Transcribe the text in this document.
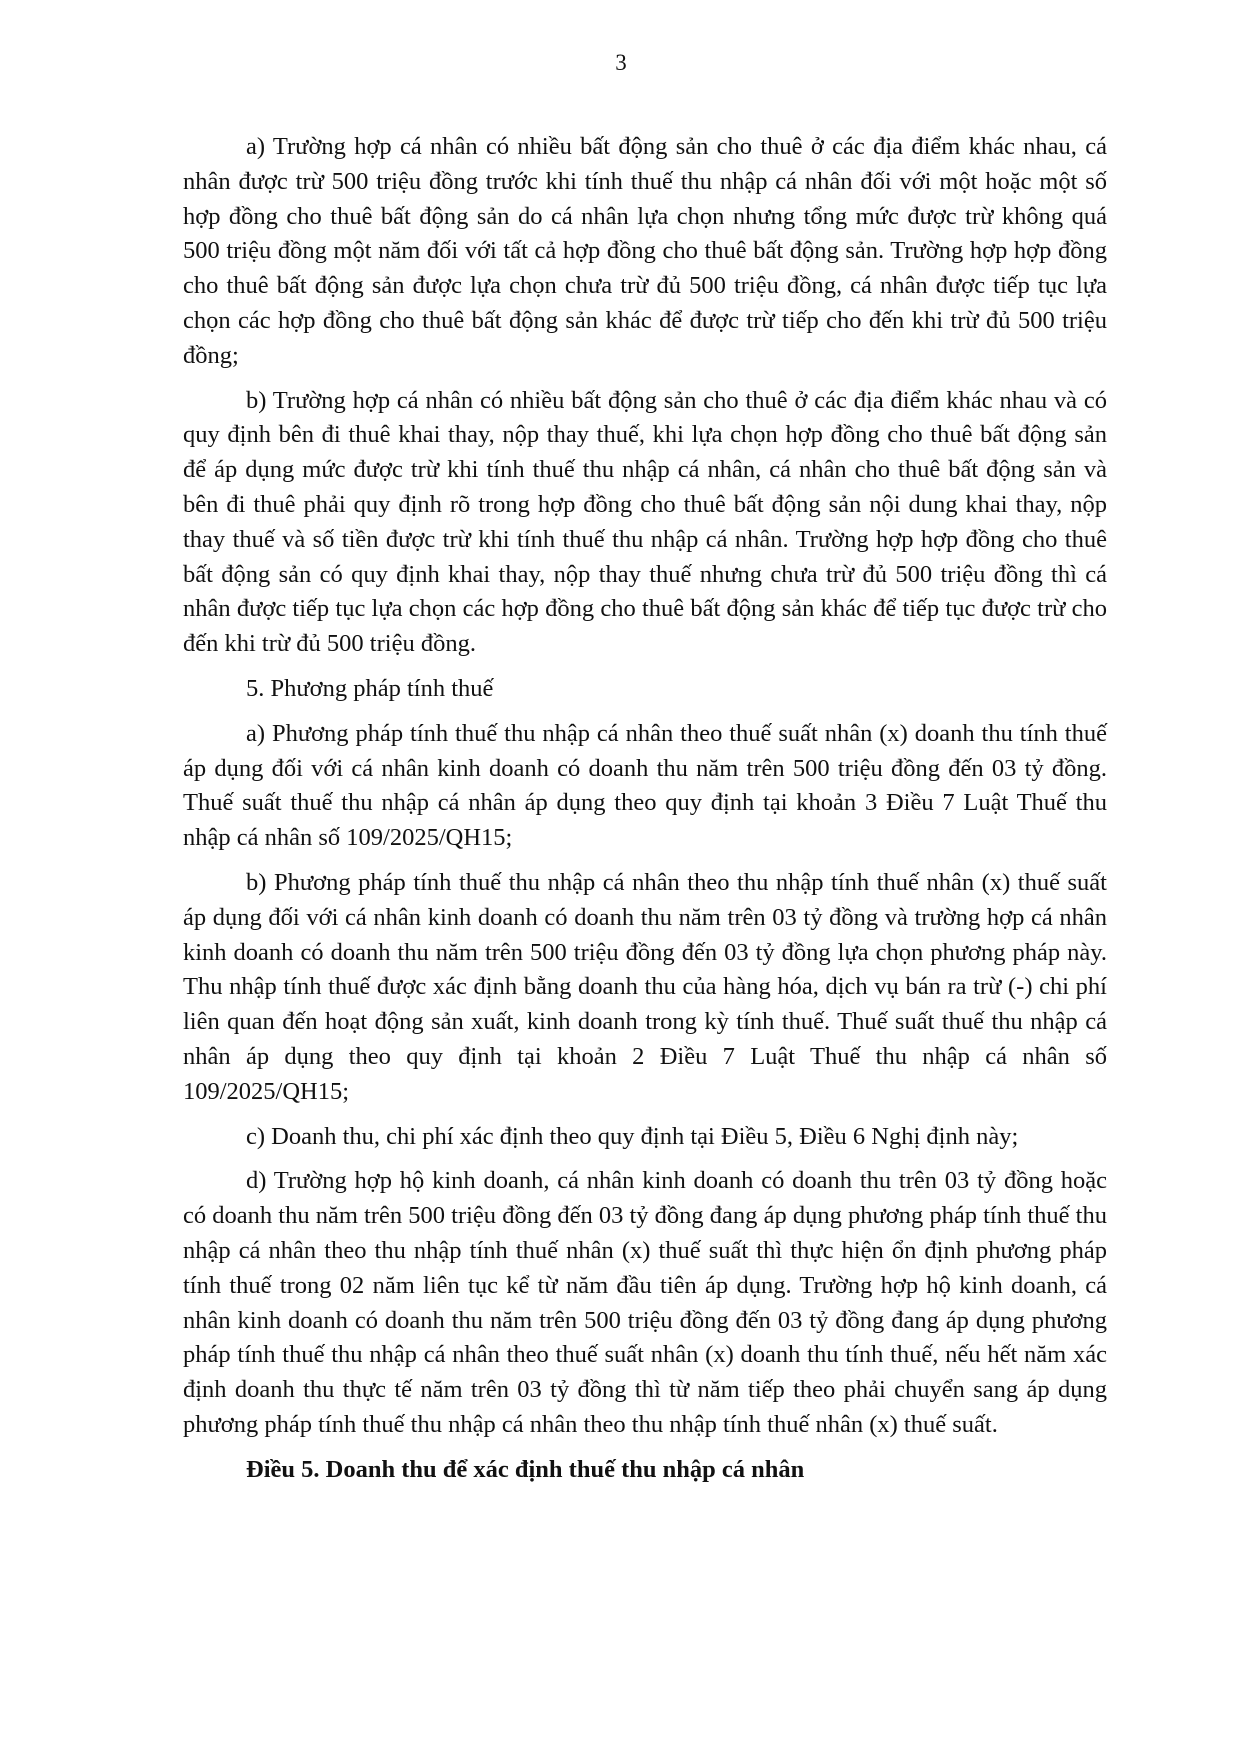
3

a) Trường hợp cá nhân có nhiều bất động sản cho thuê ở các địa điểm khác nhau, cá nhân được trừ 500 triệu đồng trước khi tính thuế thu nhập cá nhân đối với một hoặc một số hợp đồng cho thuê bất động sản do cá nhân lựa chọn nhưng tổng mức được trừ không quá 500 triệu đồng một năm đối với tất cả hợp đồng cho thuê bất động sản. Trường hợp hợp đồng cho thuê bất động sản được lựa chọn chưa trừ đủ 500 triệu đồng, cá nhân được tiếp tục lựa chọn các hợp đồng cho thuê bất động sản khác để được trừ tiếp cho đến khi trừ đủ 500 triệu đồng;

b) Trường hợp cá nhân có nhiều bất động sản cho thuê ở các địa điểm khác nhau và có quy định bên đi thuê khai thay, nộp thay thuế, khi lựa chọn hợp đồng cho thuê bất động sản để áp dụng mức được trừ khi tính thuế thu nhập cá nhân, cá nhân cho thuê bất động sản và bên đi thuê phải quy định rõ trong hợp đồng cho thuê bất động sản nội dung khai thay, nộp thay thuế và số tiền được trừ khi tính thuế thu nhập cá nhân. Trường hợp hợp đồng cho thuê bất động sản có quy định khai thay, nộp thay thuế nhưng chưa trừ đủ 500 triệu đồng thì cá nhân được tiếp tục lựa chọn các hợp đồng cho thuê bất động sản khác để tiếp tục được trừ cho đến khi trừ đủ 500 triệu đồng.

5. Phương pháp tính thuế

a) Phương pháp tính thuế thu nhập cá nhân theo thuế suất nhân (x) doanh thu tính thuế áp dụng đối với cá nhân kinh doanh có doanh thu năm trên 500 triệu đồng đến 03 tỷ đồng. Thuế suất thuế thu nhập cá nhân áp dụng theo quy định tại khoản 3 Điều 7 Luật Thuế thu nhập cá nhân số 109/2025/QH15;

b) Phương pháp tính thuế thu nhập cá nhân theo thu nhập tính thuế nhân (x) thuế suất áp dụng đối với cá nhân kinh doanh có doanh thu năm trên 03 tỷ đồng và trường hợp cá nhân kinh doanh có doanh thu năm trên 500 triệu đồng đến 03 tỷ đồng lựa chọn phương pháp này. Thu nhập tính thuế được xác định bằng doanh thu của hàng hóa, dịch vụ bán ra trừ (-) chi phí liên quan đến hoạt động sản xuất, kinh doanh trong kỳ tính thuế. Thuế suất thuế thu nhập cá nhân áp dụng theo quy định tại khoản 2 Điều 7 Luật Thuế thu nhập cá nhân số 109/2025/QH15;

c) Doanh thu, chi phí xác định theo quy định tại Điều 5, Điều 6 Nghị định này;

d) Trường hợp hộ kinh doanh, cá nhân kinh doanh có doanh thu trên 03 tỷ đồng hoặc có doanh thu năm trên 500 triệu đồng đến 03 tỷ đồng đang áp dụng phương pháp tính thuế thu nhập cá nhân theo thu nhập tính thuế nhân (x) thuế suất thì thực hiện ổn định phương pháp tính thuế trong 02 năm liên tục kể từ năm đầu tiên áp dụng. Trường hợp hộ kinh doanh, cá nhân kinh doanh có doanh thu năm trên 500 triệu đồng đến 03 tỷ đồng đang áp dụng phương pháp tính thuế thu nhập cá nhân theo thuế suất nhân (x) doanh thu tính thuế, nếu hết năm xác định doanh thu thực tế năm trên 03 tỷ đồng thì từ năm tiếp theo phải chuyển sang áp dụng phương pháp tính thuế thu nhập cá nhân theo thu nhập tính thuế nhân (x) thuế suất.

Điều 5. Doanh thu để xác định thuế thu nhập cá nhân
